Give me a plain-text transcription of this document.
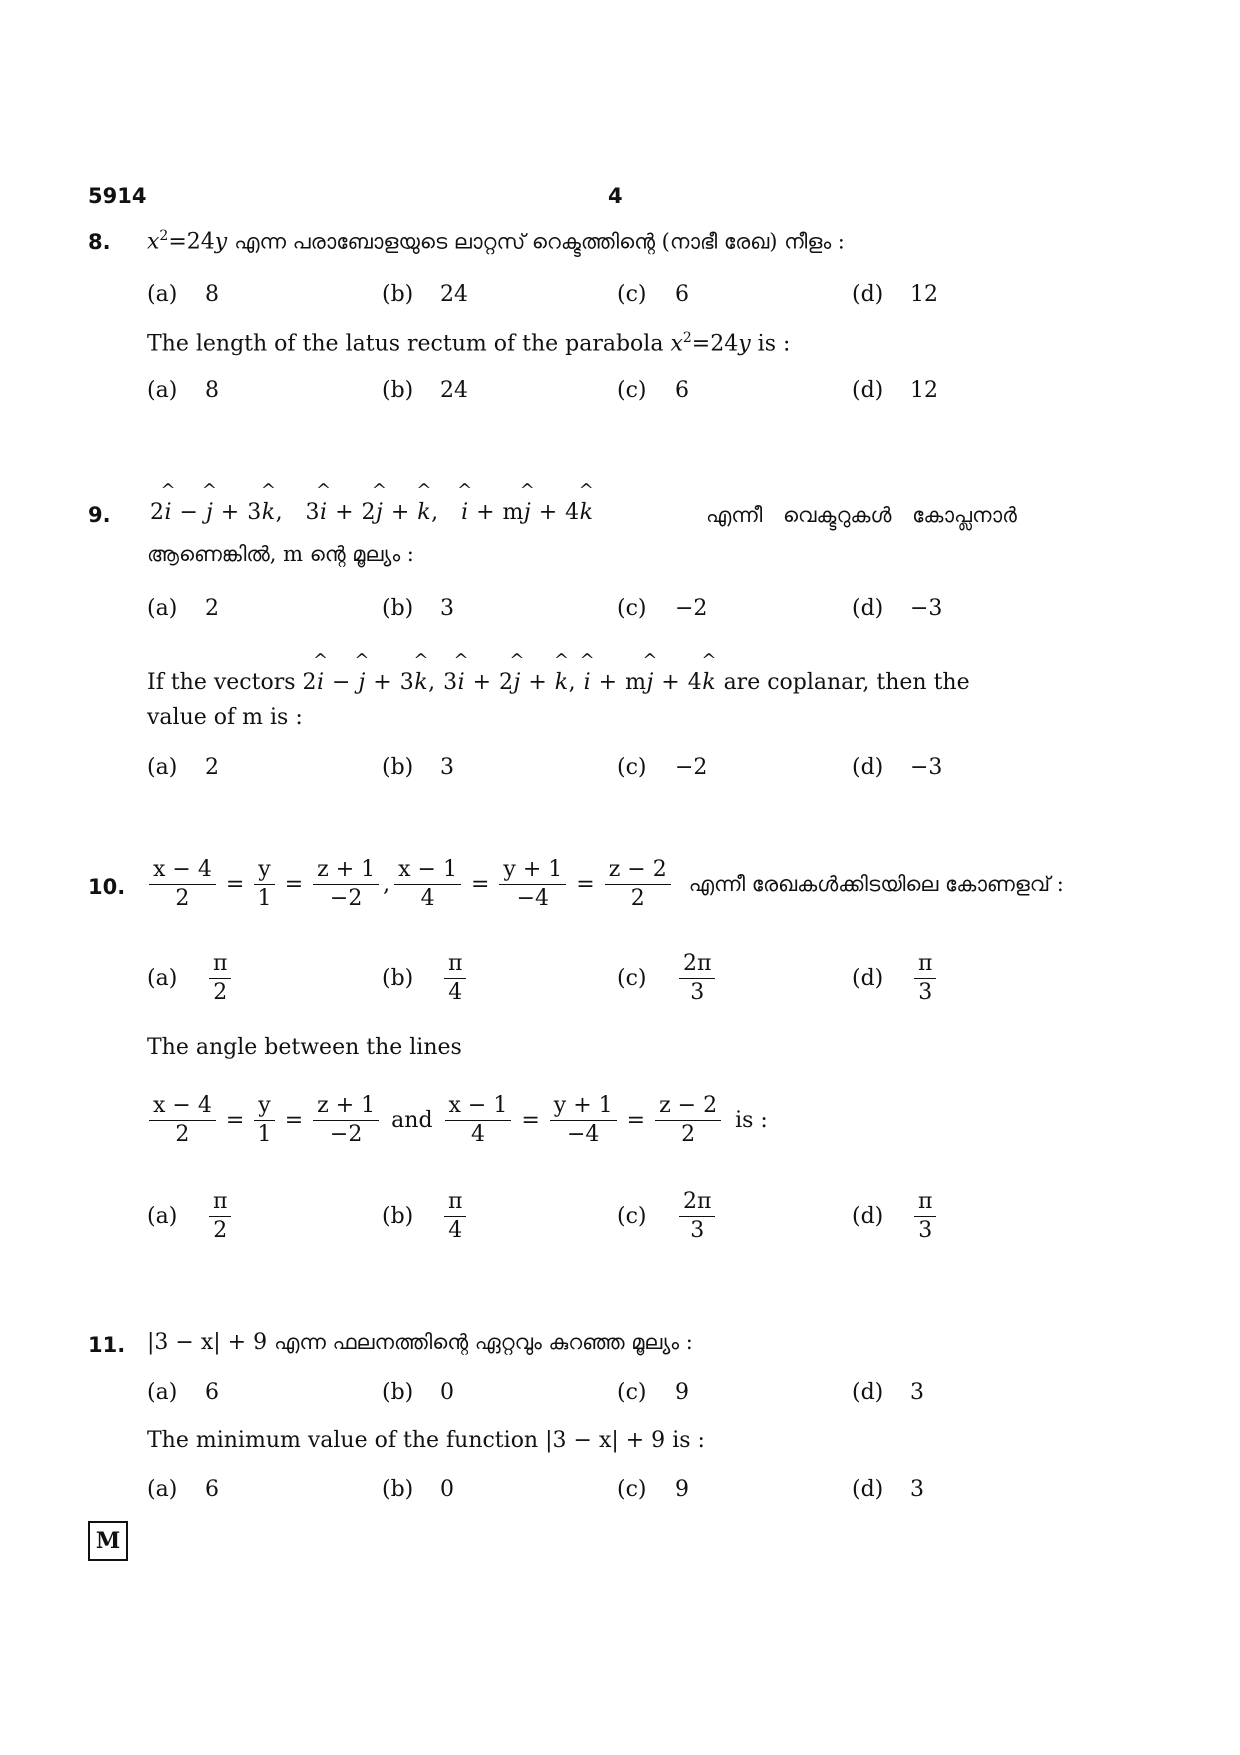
5914	4
8. $x^2=24y$ എന്ന പരാബോളയുടെ ലാറ്റസ് റെക്ടത്തിന്റെ (നാഭീ രേഖ) നീളം :
(a) 8	(b) 24	(c) 6	(d) 12
The length of the latus rectum of the parabola $x^2=24y$ is :
(a) 8	(b) 24	(c) 6	(d) 12
9. 2^ i − ^ j + 3^ k, 3^ i + 2^ j + ^ k, ^ i + m^ j + 4^ k	എന്നീ വെക്ടറുകൾ കോപ്ലനാർ
ആണെങ്കിൽ, m ന്റെ മൂല്യം :
(a) 2	(b) 3	(c) −2	(d) −3
If the vectors 2^ i − ^ j + 3^ k, 3^ i + 2^ j + ^ k, ^ i + m^ j + 4^ k are coplanar, then the
value of m is :
(a) 2	(b) 3	(c) −2	(d) −3
10. $\frac{x - 4}{2} = \frac{y}{1} = \frac{z + 1}{-2}$ , $\frac{x - 1}{4} = \frac{y + 1}{-4} = \frac{z - 2}{2}$ എന്നീ രേഖകൾക്കിടയിലെ കോണളവ് :
(a)	$\frac{\pi}{2}$	(b)	$\frac{\pi}{4}$	(c)	$\frac{2\pi}{3}$	(d)	$\frac{\pi}{3}$
The angle between the lines
$\frac{x - 4}{2} = \frac{y}{1} = \frac{z + 1}{-2}$ and $\frac{x - 1}{4} = \frac{y + 1}{-4} = \frac{z - 2}{2}$ is :
(a)	$\frac{\pi}{2}$	(b)	$\frac{\pi}{4}$	(c)	$\frac{2\pi}{3}$	(d)	$\frac{\pi}{3}$
11. |3 − x| + 9 എന്ന ഫലനത്തിന്റെ ഏറ്റവും കുറഞ്ഞ മൂല്യം :
(a) 6	(b) 0	(c) 9	(d) 3
The minimum value of the function |3 − x| + 9 is :
(a) 6	(b) 0	(c) 9	(d) 3
M
